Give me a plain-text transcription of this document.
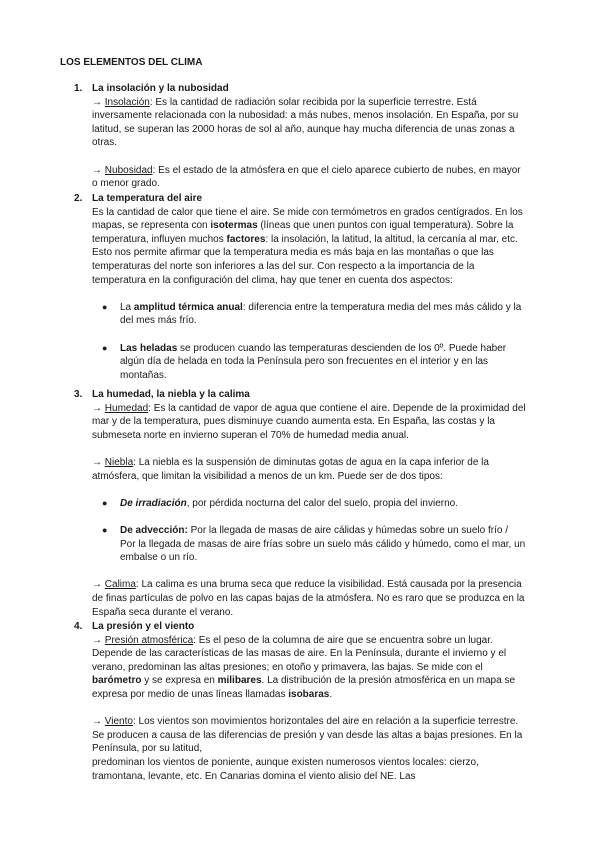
LOS ELEMENTOS DEL CLIMA
1. La insolación y la nubosidad

→ Insolación: Es la cantidad de radiación solar recibida por la superficie terrestre. Está inversamente relacionada con la nubosidad: a más nubes, menos insolación. En España, por su latitud, se superan las 2000 horas de sol al año, aunque hay mucha diferencia de unas zonas a otras.

→ Nubosidad: Es el estado de la atmósfera en que el cielo aparece cubierto de nubes, en mayor o menor grado.

2. La temperatura del aire

Es la cantidad de calor que tiene el aire. Se mide con termómetros en grados centígrados. En los mapas, se representa con isotermas (líneas que unen puntos con igual temperatura). Sobre la temperatura, influyen muchos factores: la insolación, la latitud, la altitud, la cercanía al mar, etc. Esto nos permite afirmar que la temperatura media es más baja en las montañas o que las temperaturas del norte son inferiores a las del sur. Con respecto a la importancia de la temperatura en la configuración del clima, hay que tener en cuenta dos aspectos:

●	La amplitud térmica anual: diferencia entre la temperatura media del mes más cálido y la del mes más frío.
●	Las heladas se producen cuando las temperaturas descienden de los 0º. Puede haber algún día de helada en toda la Península pero son frecuentes en el interior y en las montañas.
3. La humedad, la niebla y la calima

→ Humedad: Es la cantidad de vapor de agua que contiene el aire. Depende de la proximidad del mar y de la temperatura, pues disminuye cuando aumenta esta. En España, las costas y la submeseta norte en invierno superan el 70% de humedad media anual.

→ Niebla: La niebla es la suspensión de diminutas gotas de agua en la capa inferior de la atmósfera, que limitan la visibilidad a menos de un km. Puede ser de dos tipos:

●	De irradiación, por pérdida nocturna del calor del suelo, propia del invierno.
●	De advección: Por la llegada de masas de aire cálidas y húmedas sobre un suelo frío / Por la llegada de masas de aire frías sobre un suelo más cálido y húmedo, como el mar, un embalse o un río.

→ Calima: La calima es una bruma seca que reduce la visibilidad. Está causada por la presencia de finas partículas de polvo en las capas bajas de la atmósfera. No es raro que se produzca en la España seca durante el verano.

4. La presión y el viento

→ Presión atmosférica: Es el peso de la columna de aire que se encuentra sobre un lugar. Depende de las características de las masas de aire. En la Península, durante el invierno y el verano, predominan las altas presiones; en otoño y primavera, las bajas. Se mide con el barómetro y se expresa en milibares. La distribución de la presión atmosférica en un mapa se expresa por medio de unas líneas llamadas isobaras.

→ Viento: Los vientos son movimientos horizontales del aire en relación a la superficie terrestre. Se producen a causa de las diferencias de presión y van desde las altas a bajas presiones. En la Península, por su latitud,
predominan los vientos de poniente, aunque existen numerosos vientos locales: cierzo, tramontana, levante, etc. En Canarias domina el viento alisio del NE. Las
